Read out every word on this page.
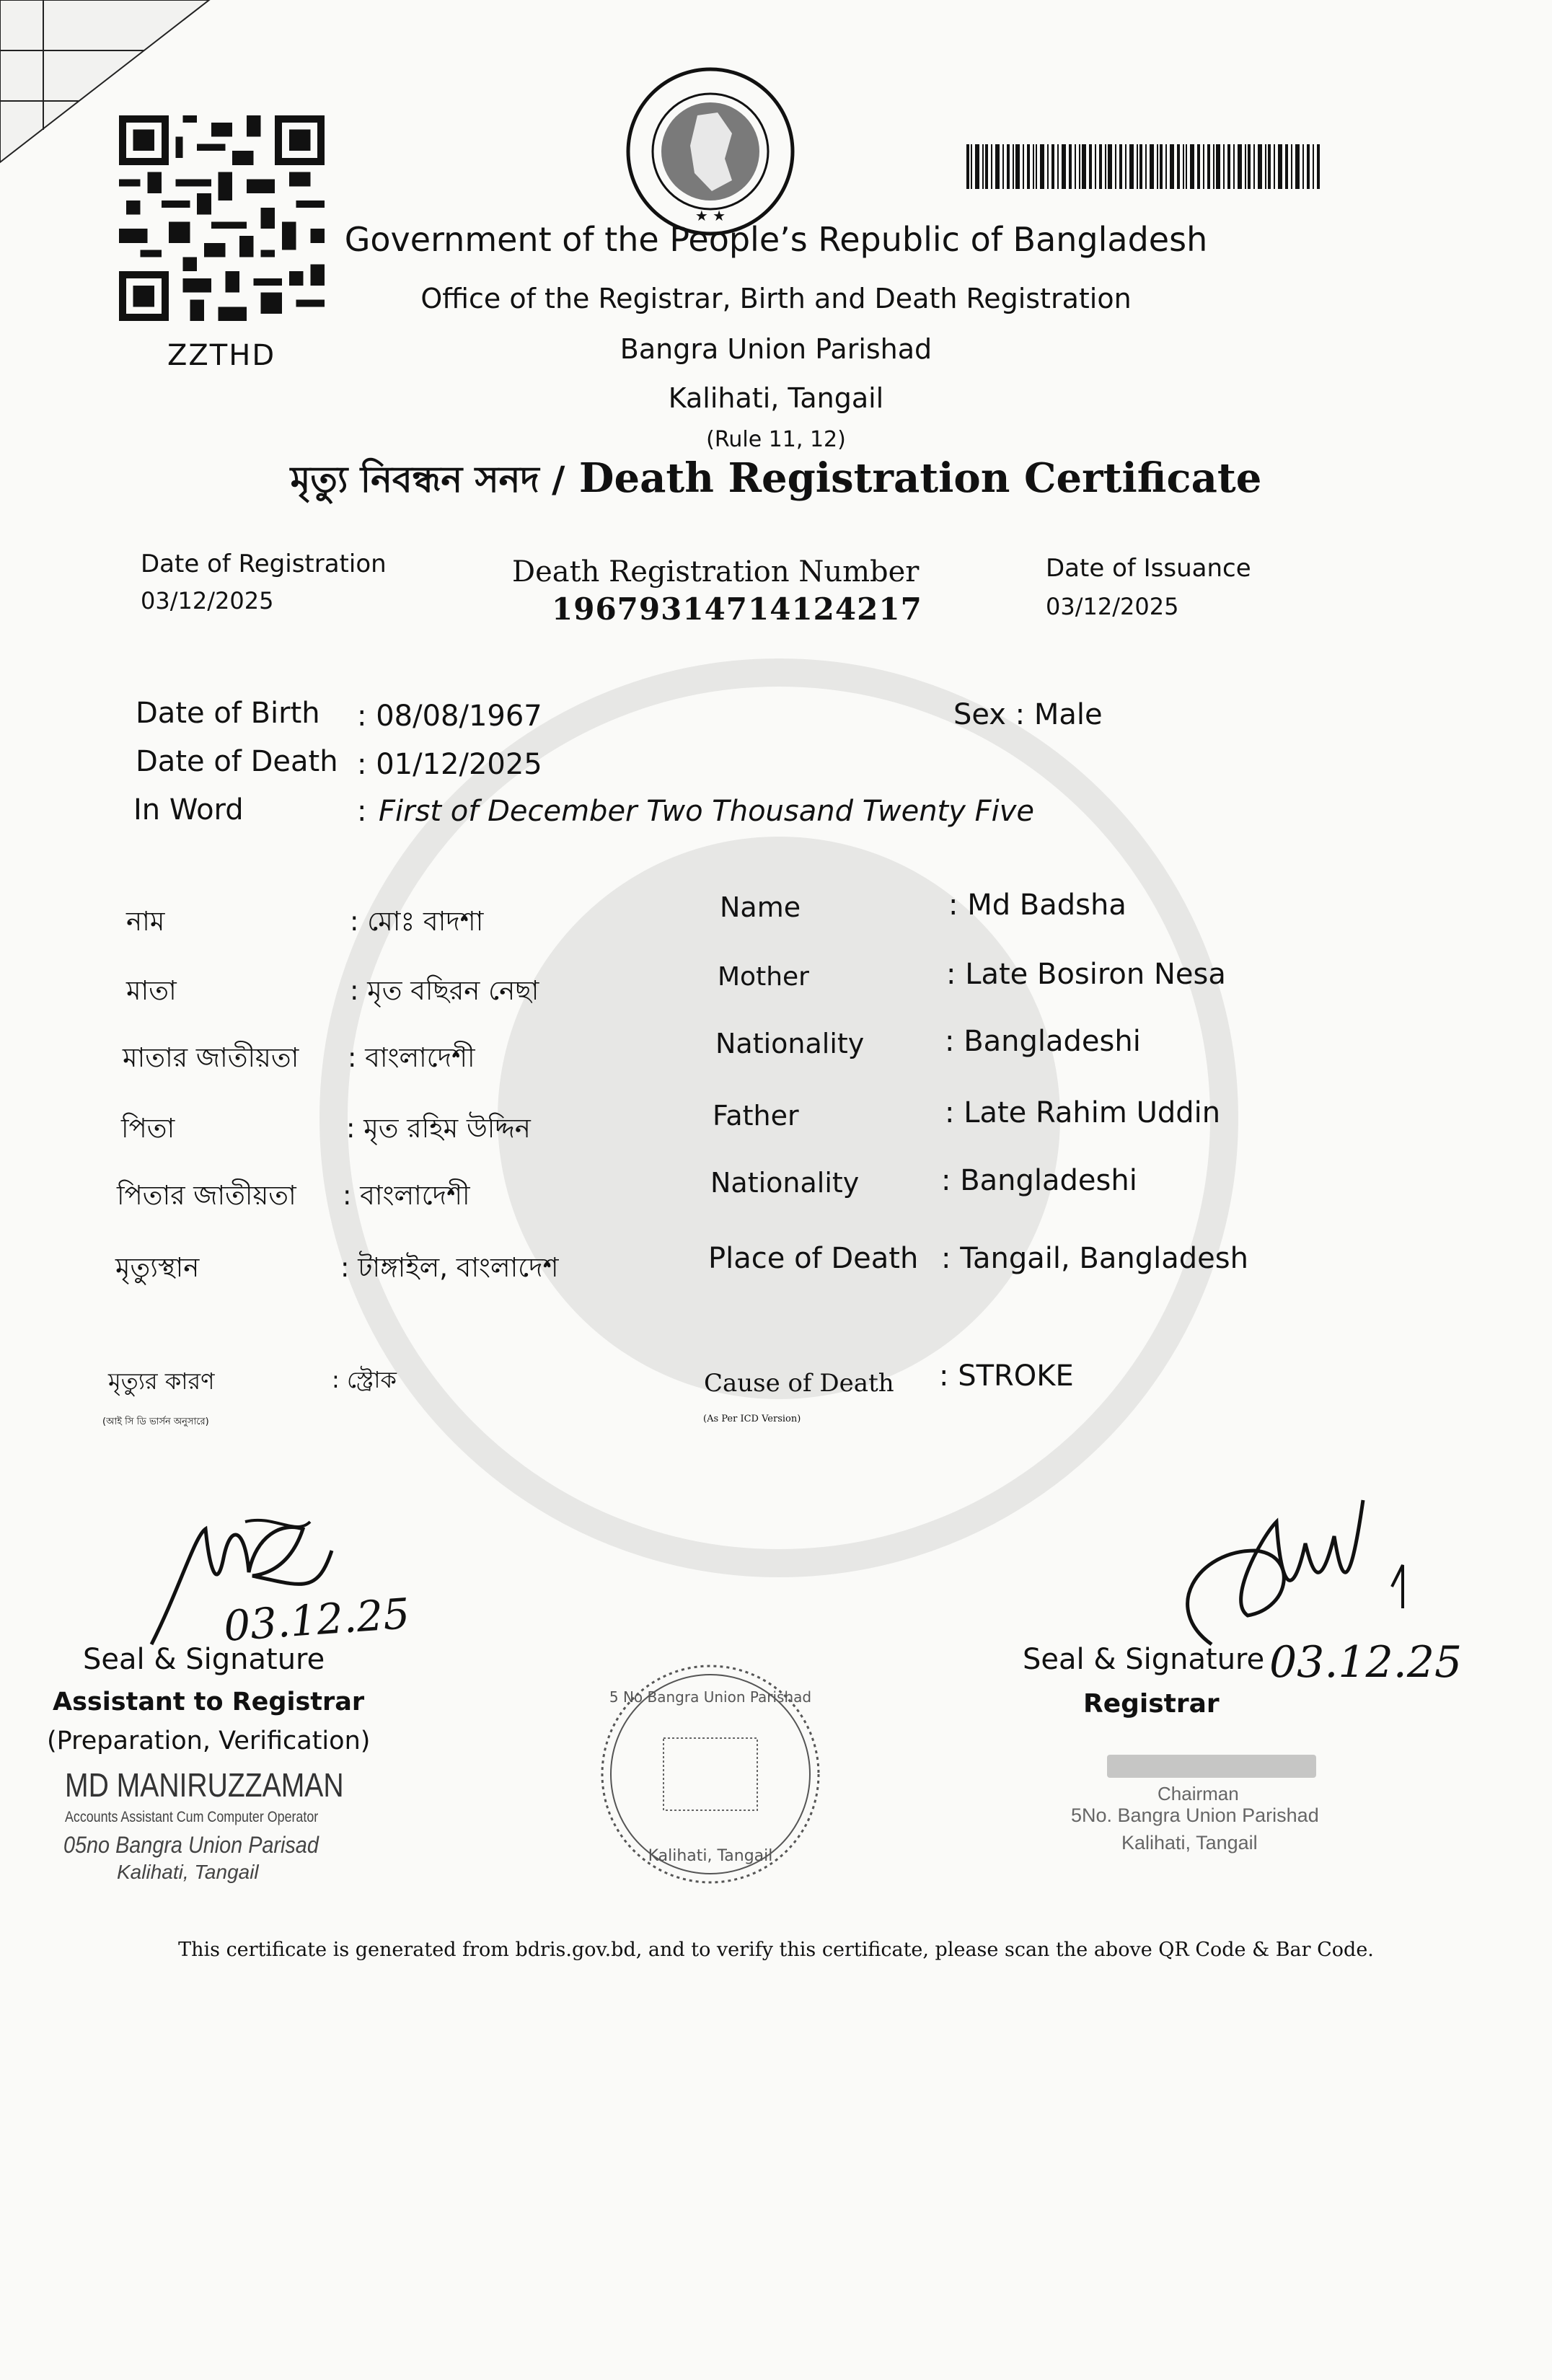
ZZTHD
★ ★
Government of the People’s Republic of Bangladesh
Office of the Registrar, Birth and Death Registration
Bangra Union Parishad
Kalihati, Tangail
(Rule 11, 12)
মৃত্যু নিবন্ধন সনদ / Death Registration Certificate
Date of Registration
03/12/2025
Death Registration Number
19679314714124217
Date of Issuance
03/12/2025
Date of Birth : 08/08/1967	Sex : Male
Date of Death : 01/12/2025
In Word	: First of December Two Thousand Twenty Five
নাম	: মোঃ বাদশা
মাতা	: মৃত বছিরন নেছা
মাতার জাতীয়তা : বাংলাদেশী
পিতা	: মৃত রহিম উদ্দিন
পিতার জাতীয়তা : বাংলাদেশী
মৃত্যুস্থান	: টাঙ্গাইল, বাংলাদেশ
Name	: Md Badsha
Mother	: Late Bosiron Nesa
Nationality	: Bangladeshi
Father	: Late Rahim Uddin
Nationality	: Bangladeshi
Place of Death : Tangail, Bangladesh
মৃত্যুর কারণ	: স্ট্রোক
(আই সি ডি ভার্সন অনুসারে)
Cause of Death : STROKE
(As Per ICD Version)
03.12.25
Seal & Signature
Assistant to Registrar
(Preparation, Verification)
MD MANIRUZZAMAN
Accounts Assistant Cum Computer Operator
05no Bangra Union Parisad
Kalihati, Tangail
5 No Bangra Union Parishad
Kalihati, Tangail
Seal & Signature 03.12.25
Registrar
Chairman
5No. Bangra Union Parishad
Kalihati, Tangail
This certificate is generated from bdris.gov.bd, and to verify this certificate, please scan the above QR Code & Bar Code.
